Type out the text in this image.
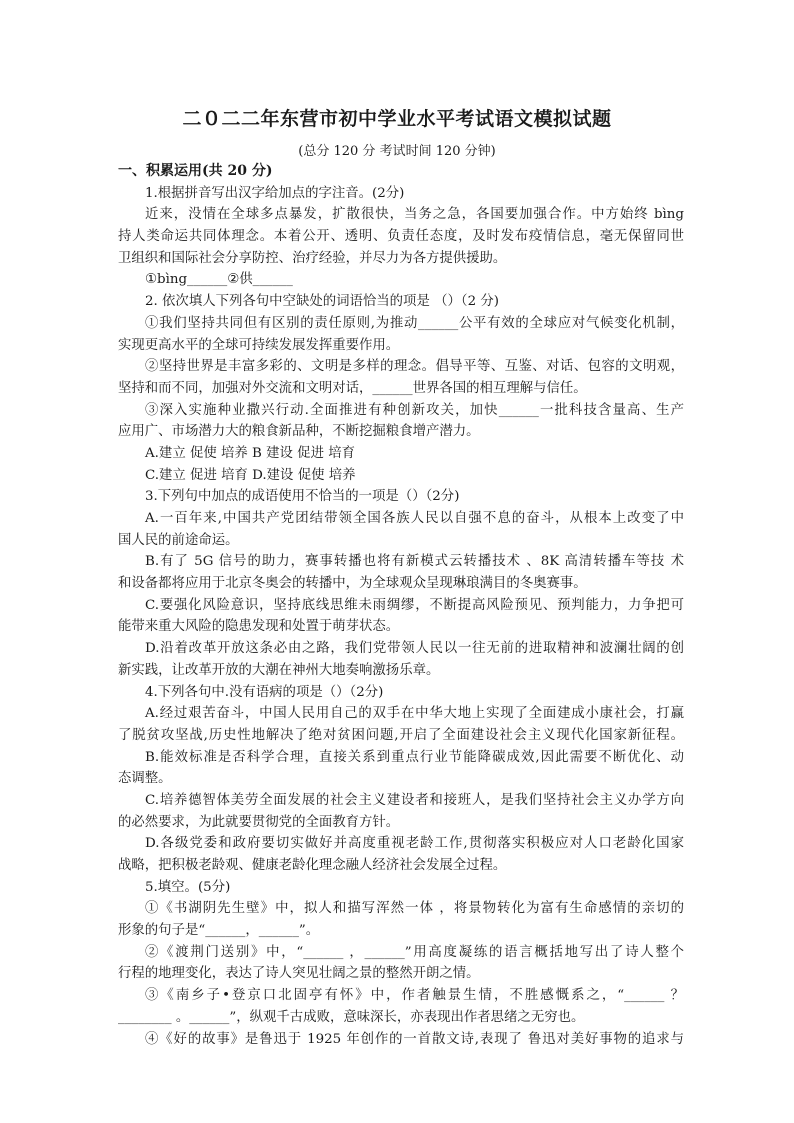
二０二二年东营市初中学业水平考试语文模拟试题
(总分 120 分 考试时间 120 分钟)
一、积累运用(共 20 分)
1.根据拼音写出汉字给加点的字注音。(2分)
近来，没情在全球多点暴发，扩散很快，当务之急，各国要加强合作。中方始终 bìng
持人类命运共同体理念。本着公开、透明、负责任态度，及时发布疫情信息，毫无保留同世
卫组织和国际社会分享防控、治疗经验，并尽力为各方提供援助。
①bìng______②供______
2. 依次填人下列各句中空缺处的词语恰当的项是 （）（2 分)
①我们坚持共同但有区别的责任原则,为推动______公平有效的全球应对气候变化机制，
实现更高水平的全球可持续发展发挥重要作用。
②坚持世界是丰富多彩的、文明是多样的理念。倡导平等、互鉴、对话、包容的文明观，
坚持和而不同，加强对外交流和文明对话，______世界各国的相互理解与信任。
③深入实施种业撒兴行动.全面推进有种创新攻关，加快______一批科技含量高、生产
应用广、市场潜力大的粮食新品种，不断挖掘粮食增产潜力。
A.建立 促使 培养 B 建设 促进 培育
C.建立 促进 培育 D.建设 促使 培养
3.下列句中加点的成语使用不恰当的一项是（）（2分)
A.一百年来,中国共产党团结带领全国各族人民以自强不息的奋斗，从根本上改变了中
国人民的前途命运。
B.有了 5G 信号的助力，赛事转播也将有新模式云转播技术 、8K 高清转播车等技 术
和设备都将应用于北京冬奥会的转播中，为全球观众呈现琳琅满目的冬奥赛事。
C.要强化风险意识，坚持底线思维未雨绸缪，不断提高风险预见、预判能力，力争把可
能带来重大风险的隐患发现和处置于萌芽状态。
D.沿着改革开放这条必由之路，我们党带领人民以一往无前的进取精神和波澜壮阔的创
新实践，让改革开放的大潮在神州大地奏响激扬乐章。
4.下列各句中.没有语病的项是（）（2分)
A.经过艰苦奋斗，中国人民用自己的双手在中华大地上实现了全面建成小康社会，打赢
了脱贫攻坚战,历史性地解决了绝对贫困问题,开启了全面建设社会主义现代化国家新征程。
B.能效标准是否科学合理，直接关系到重点行业节能降碳成效,因此需要不断优化、动
态调整。
C.培养德智体美劳全面发展的社会主义建设者和接班人，是我们坚持社会主义办学方向
的必然要求，为此就要贯彻党的全面教育方针。
D.各级党委和政府要切实做好并高度重视老龄工作,贯彻落实积极应对人口老龄化国家
战略，把积极老龄观、健康老龄化理念融人经济社会发展全过程。
5.填空。(5分)
①《书湖阴先生壁》中，拟人和描写浑然一体 ，将景物转化为富有生命感情的亲切的
形象的句子是“______，______”。
②《渡荆门送别》中，“______ ，______”用高度凝练的语言概括地写出了诗人整个
行程的地理变化，表达了诗人突见壮阔之景的整然开朗之情。
③《南乡子•登京口北固亭有怀》中，作者触景生情，不胜感慨系之，“______ ？
________ 。______”，纵观千古成败，意味深长，亦表现出作者思绪之无穷也。
④《好的故事》是鲁迅于 1925 年创作的一首散文诗,表现了 鲁迅对美好事物的追求与
